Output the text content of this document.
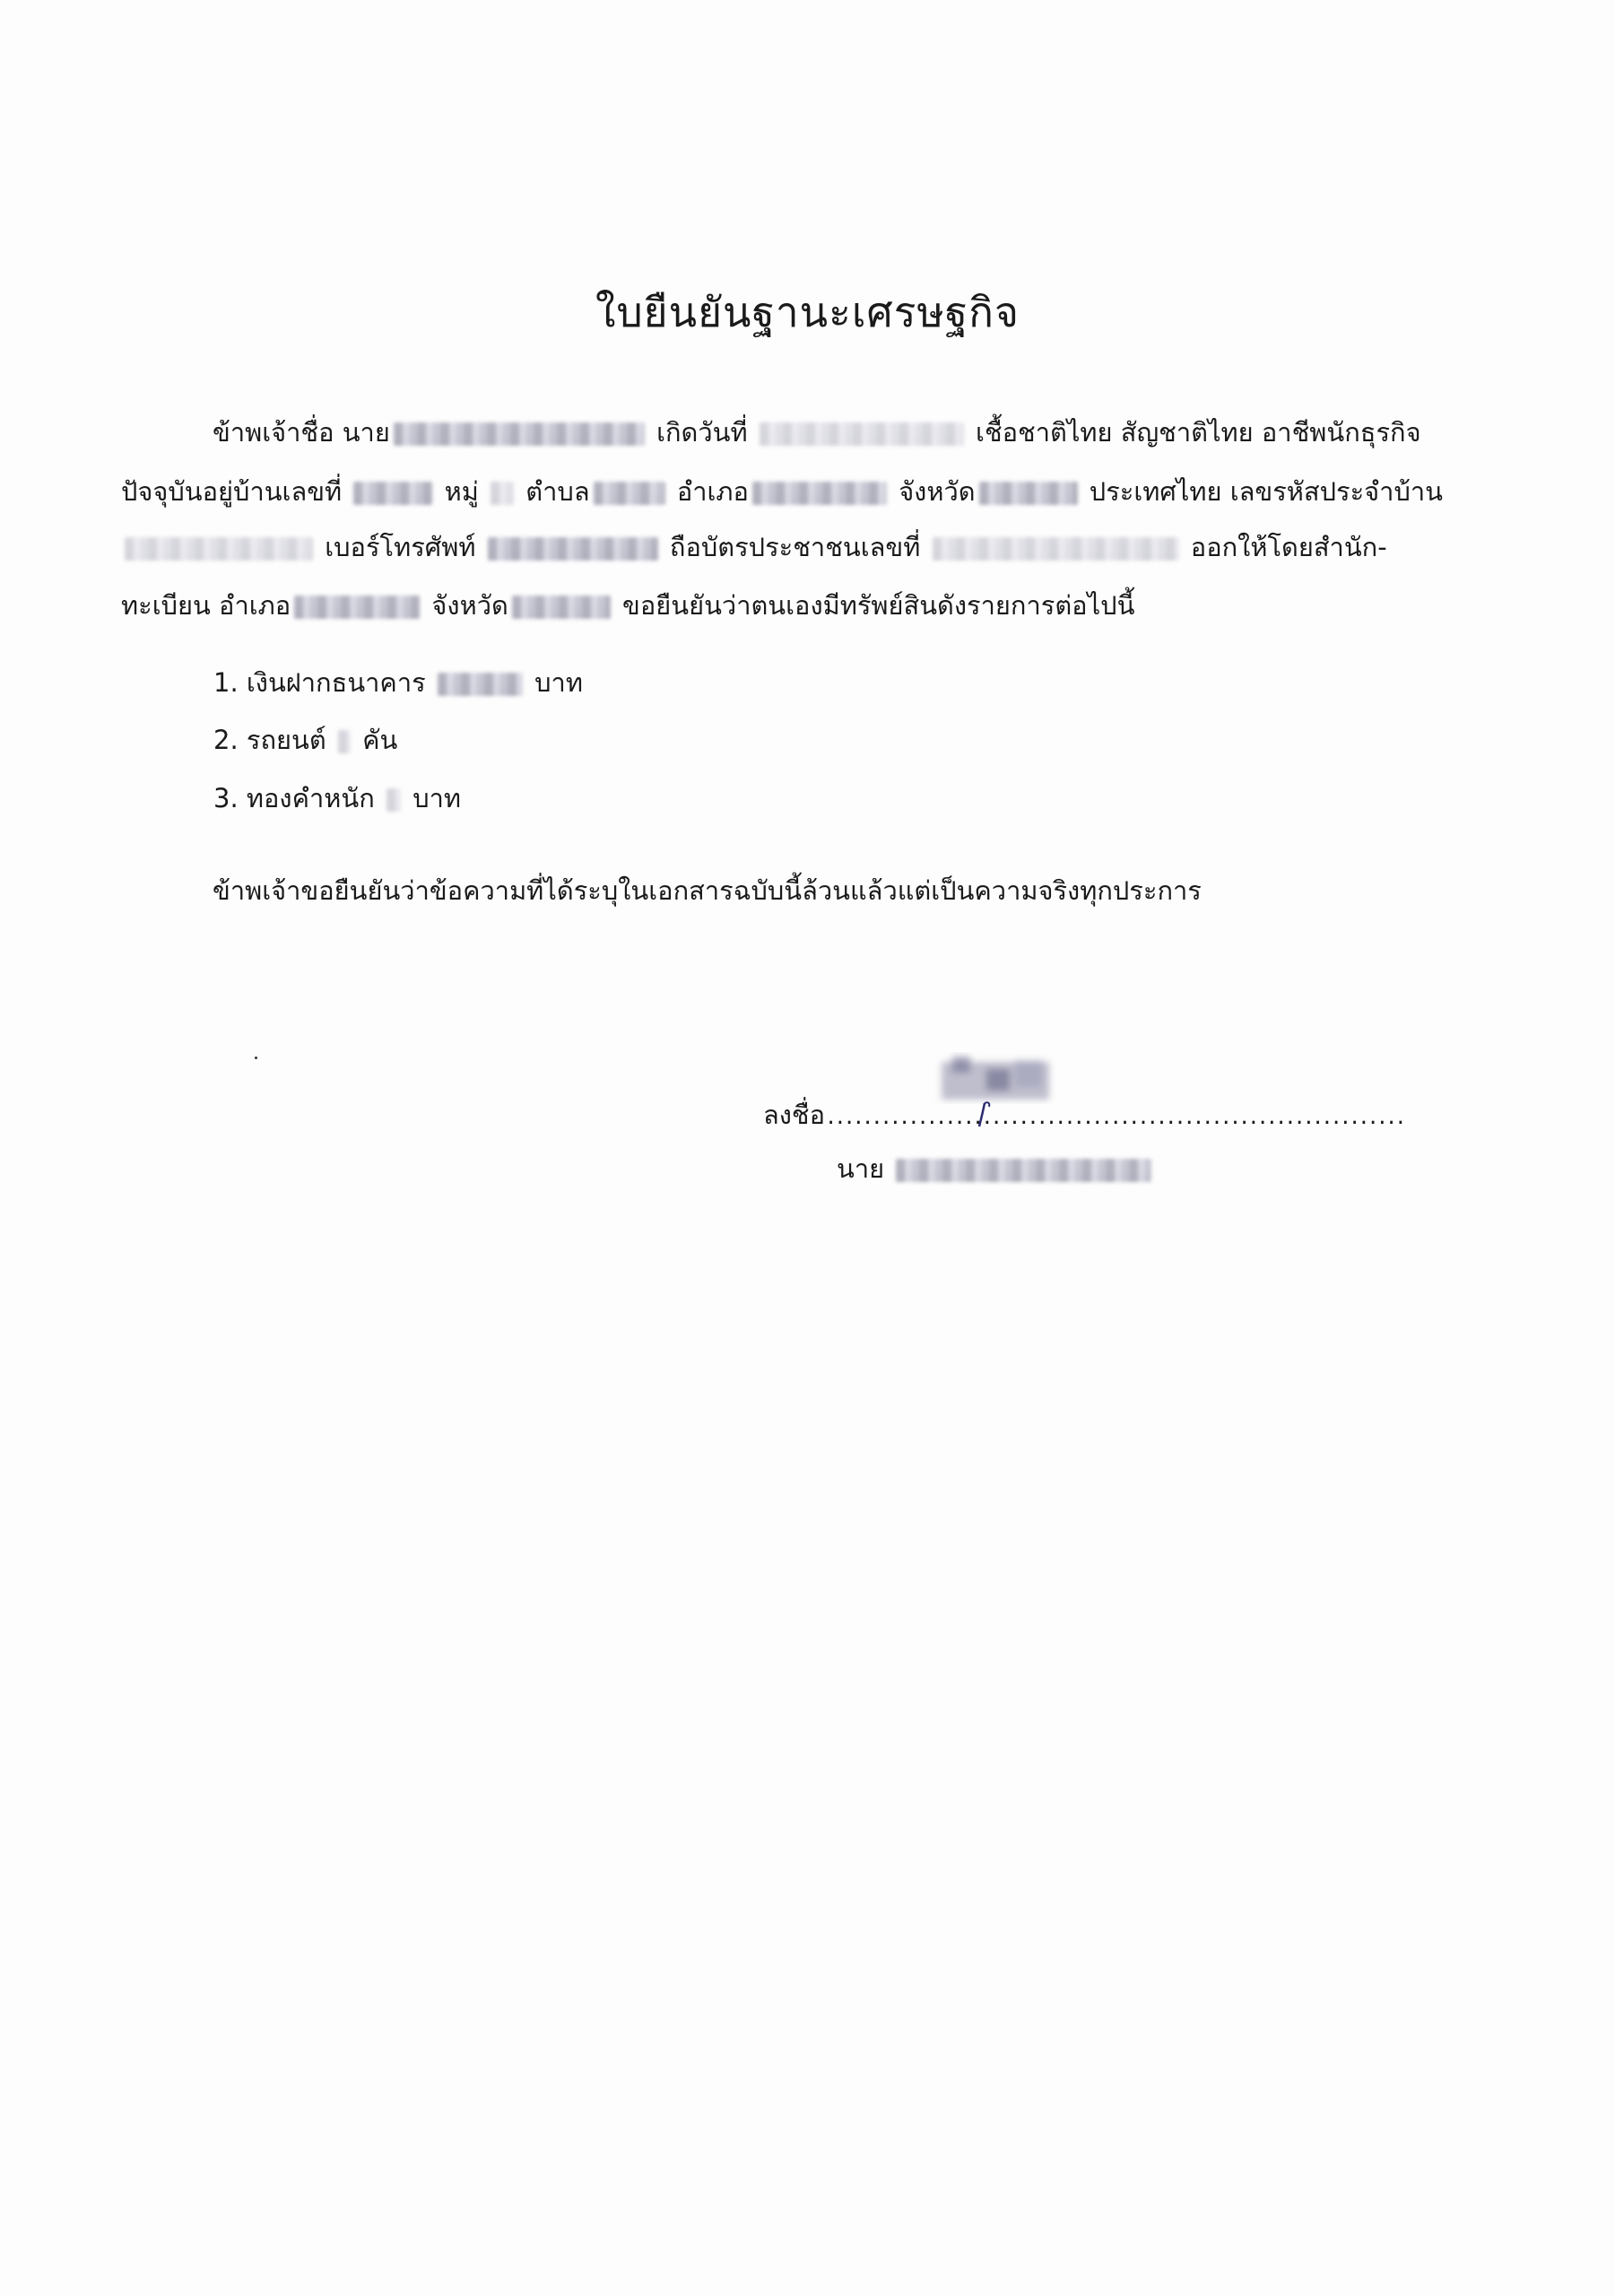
ใบยืนยันฐานะเศรษฐกิจ
ข้าพเจ้าชื่อ นาย	เกิดวันที่	เชื้อชาติไทย สัญชาติไทย อาชีพนักธุรกิจ
ปัจจุบันอยู่บ้านเลขที่	หมู่ ตำบล	อำเภอ	จังหวัด	ประเทศไทย เลขรหัสประจำบ้าน
เบอร์โทรศัพท์	ถือบัตรประชาชนเลขที่	ออกให้โดยสำนัก-
ทะเบียน อำเภอ	จังหวัด	ขอยืนยันว่าตนเองมีทรัพย์สินดังรายการต่อไปนี้
1. เงินฝากธนาคาร	บาท
2. รถยนต์ คัน
3. ทองคำหนัก บาท
ข้าพเจ้าขอยืนยันว่าข้อความที่ได้ระบุในเอกสารฉบับนี้ล้วนแล้วแต่เป็นความจริงทุกประการ
ลงชื่อ...............................................................
นาย
